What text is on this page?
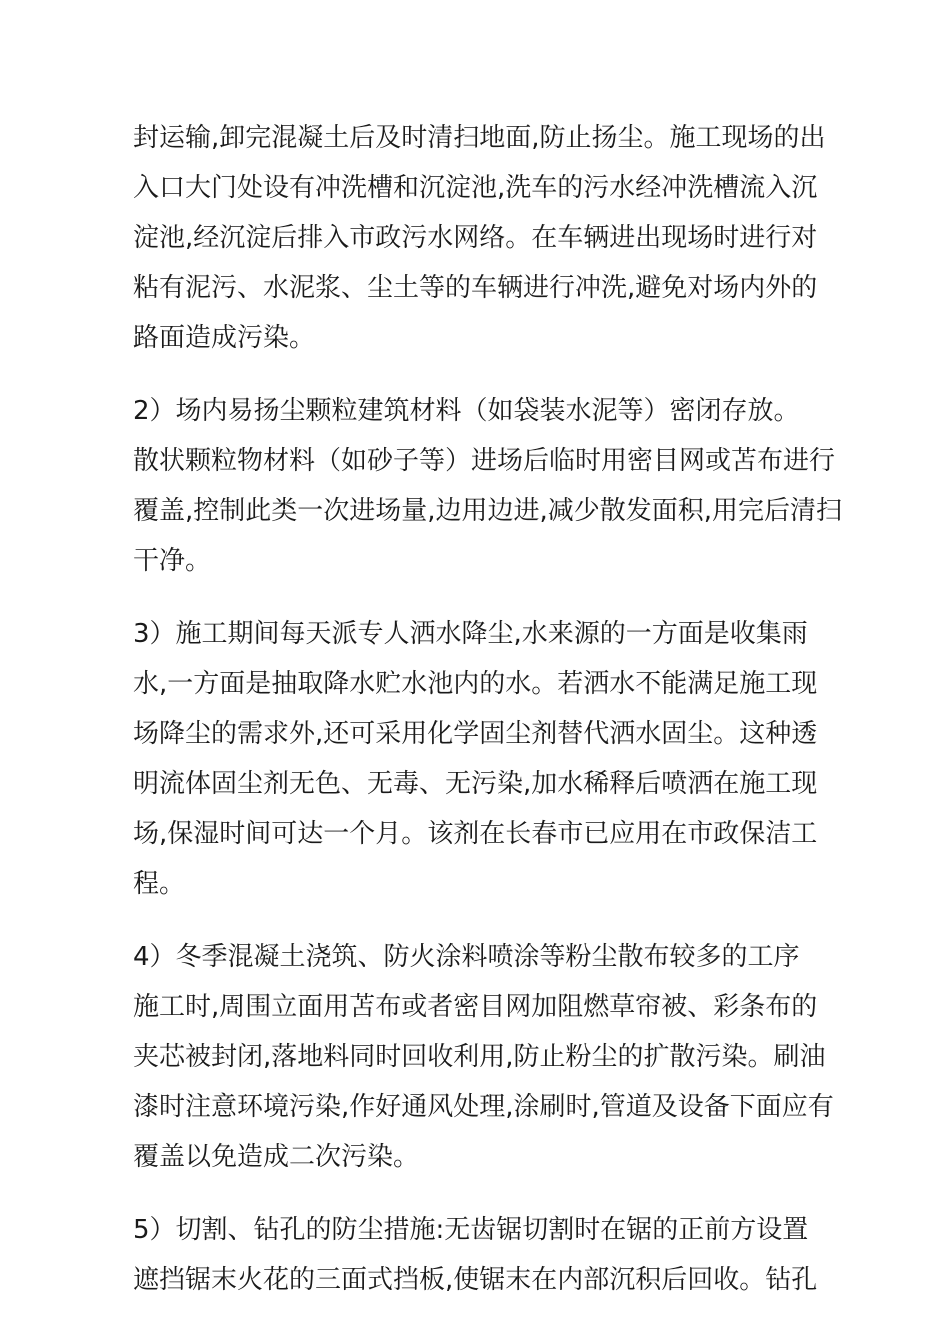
封运输,卸完混凝土后及时清扫地面,防止扬尘。施工现场的出
入口大门处设有冲洗槽和沉淀池,洗车的污水经冲洗槽流入沉
淀池,经沉淀后排入市政污水网络。在车辆进出现场时进行对
粘有泥污、水泥浆、尘土等的车辆进行冲洗,避免对场内外的
路面造成污染。
2）场内易扬尘颗粒建筑材料（如袋装水泥等）密闭存放。
散状颗粒物材料（如砂子等）进场后临时用密目网或苫布进行
覆盖,控制此类一次进场量,边用边进,减少散发面积,用完后清扫
干净。
3）施工期间每天派专人洒水降尘,水来源的一方面是收集雨
水,一方面是抽取降水贮水池内的水。若洒水不能满足施工现
场降尘的需求外,还可采用化学固尘剂替代洒水固尘。这种透
明流体固尘剂无色、无毒、无污染,加水稀释后喷洒在施工现
场,保湿时间可达一个月。该剂在长春市已应用在市政保洁工
程。
4）冬季混凝土浇筑、防火涂料喷涂等粉尘散布较多的工序
施工时,周围立面用苫布或者密目网加阻燃草帘被、彩条布的
夹芯被封闭,落地料同时回收利用,防止粉尘的扩散污染。刷油
漆时注意环境污染,作好通风处理,涂刷时,管道及设备下面应有
覆盖以免造成二次污染。
5）切割、钻孔的防尘措施:无齿锯切割时在锯的正前方设置
遮挡锯末火花的三面式挡板,使锯末在内部沉积后回收。钻孔
